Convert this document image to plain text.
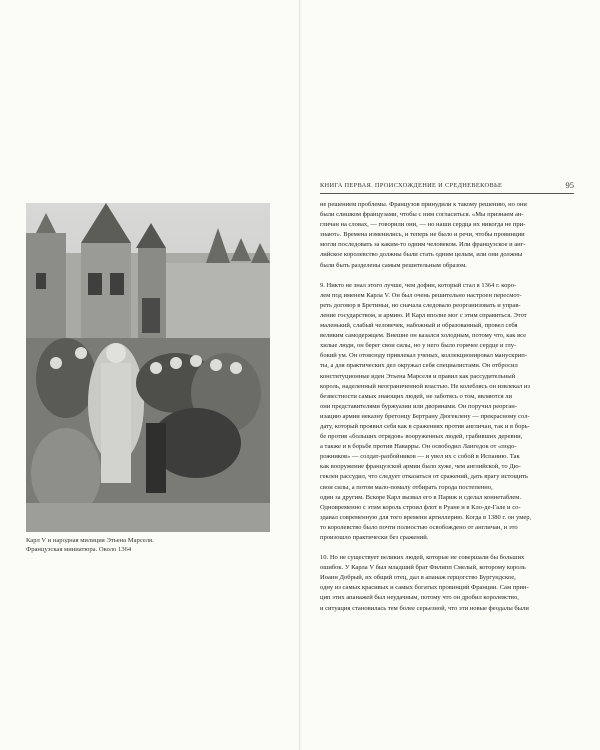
Карл V и народная милиция Этьена Марселя.
Французская миниатюра. Около 1364
КНИГА ПЕРВАЯ. ПРОИСХОЖДЕНИЕ И СРЕДНЕВЕКОВЬЕ	95

не решением проблемы. Французов принудили к такому решению, но они
были слишком французами, чтобы с ним согласиться. «Мы признаем ан-
гличан на словах, — говорили они, — но наши сердца их никогда не при-
знают». Времена изменились, и теперь не было и речи, чтобы провинции
могли последовать за каким-то одним человеком. Или французское и анг-
лийское королевство должны были стать одним целым, или они должны
были быть разделены самым решительным образом.

9. Никто не знал этого лучше, чем дофин, который стал в 1364 г. коро-
лем под именем Карла V. Он был очень решительно настроен пересмот-
реть договор в Бретиньи, но сначала следовало реорганизовать и управ-
ление государством, и армию. И Карл вполне мог с этим справиться. Этот
маленький, слабый человечек, набожный и образованный, провел себя
великим самодержцем. Внешне он казался холодным, потому что, как все
хилые люди, он берег свои силы, но у него было горячее сердце и глу-
бокий ум. Он отовсюду привлекал ученых, коллекционировал манускрип-
ты, а для практических дел окружал себя специалистами. Он отбросил
конституционные идеи Этьена Марселя и правил как рассудительный
король, наделенный неограниченной властью. Не колеблясь он извлекал из
безвестности самых знающих людей, не заботясь о том, являются ли
они представителями буржуазии или дворянами. Он поручил реорган-
изацию армии неказну бретонцу Бертрану Дюгеклену — прекрасному сол-
дату, который проявил себя как в сражениях против англичан, так и в борь-
бе против «больших отрядов» вооруженных людей, грабивших деревни,
а также и в борьбе против Наварры. Он освободил Лангедок от «подо-
рожников» — солдат-разбойников — и увел их с собой в Испанию. Так
как вооружение французской армии было хуже, чем английской, то Дю-
геклен рассудил, что следует отказаться от сражений, дать врагу истощить
свои силы, а потом мало-помалу отбирать города постепенно,
один за другим. Вскоре Карл вызвал его в Париж и сделал коннетаблем.
Одновременно с этим король строил флот в Руане и в Кло-де-Гале и со-
здавал современную для того времени артиллерию. Когда в 1380 г. он умер,
то королевство было почти полностью освобождено от англичан, и это
произошло практически без сражений.

10. Но не существует великих людей, которые не совершали бы больших
ошибок. У Карла V был младший брат Филипп Смелый, которому король
Иоанн Добрый, их общий отец, дал в апанаж герцогство Бургундское,
одну из самых красивых и самых богатых провинций Франции. Сам прин-
цип этих апанажей был неудачным, потому что он дробил королевство,
и ситуация становилась тем более серьезной, что эти новые феодалы были
